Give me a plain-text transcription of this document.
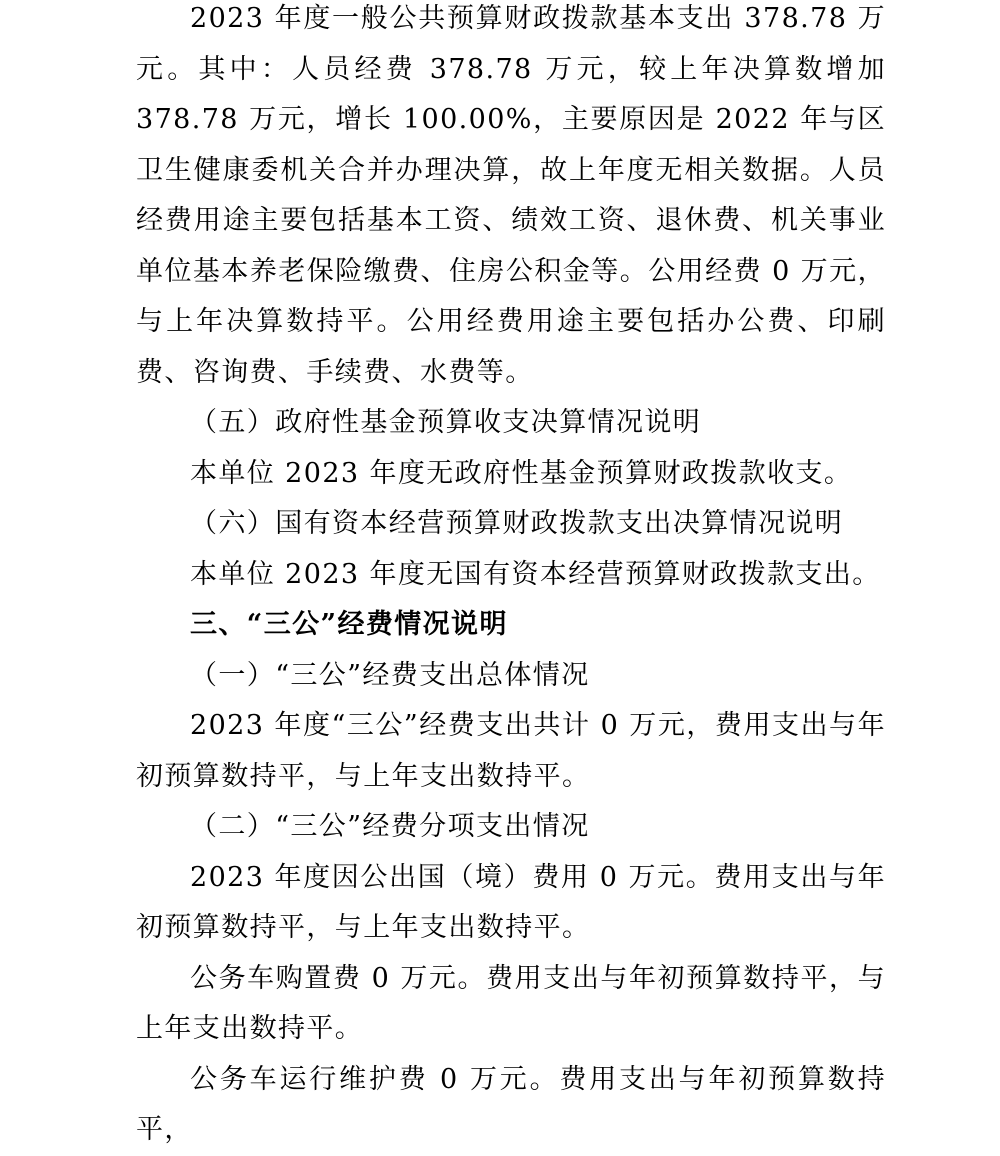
2023 年度一般公共预算财政拨款基本支出 378.78 万元。其中：人员经费 378.78 万元，较上年决算数增加 378.78 万元，增长 100.00%，主要原因是 2022 年与区卫生健康委机关合并办理决算，故上年度无相关数据。人员经费用途主要包括基本工资、绩效工资、退休费、机关事业单位基本养老保险缴费、住房公积金等。公用经费 0 万元，与上年决算数持平。公用经费用途主要包括办公费、印刷费、咨询费、手续费、水费等。

（五）政府性基金预算收支决算情况说明

本单位 2023 年度无政府性基金预算财政拨款收支。

（六）国有资本经营预算财政拨款支出决算情况说明

本单位 2023 年度无国有资本经营预算财政拨款支出。

三、“三公”经费情况说明

（一）“三公”经费支出总体情况

2023 年度“三公”经费支出共计 0 万元，费用支出与年初预算数持平，与上年支出数持平。

（二）“三公”经费分项支出情况

2023 年度因公出国（境）费用 0 万元。费用支出与年初预算数持平，与上年支出数持平。

公务车购置费 0 万元。费用支出与年初预算数持平，与上年支出数持平。

公务车运行维护费 0 万元。费用支出与年初预算数持平，
